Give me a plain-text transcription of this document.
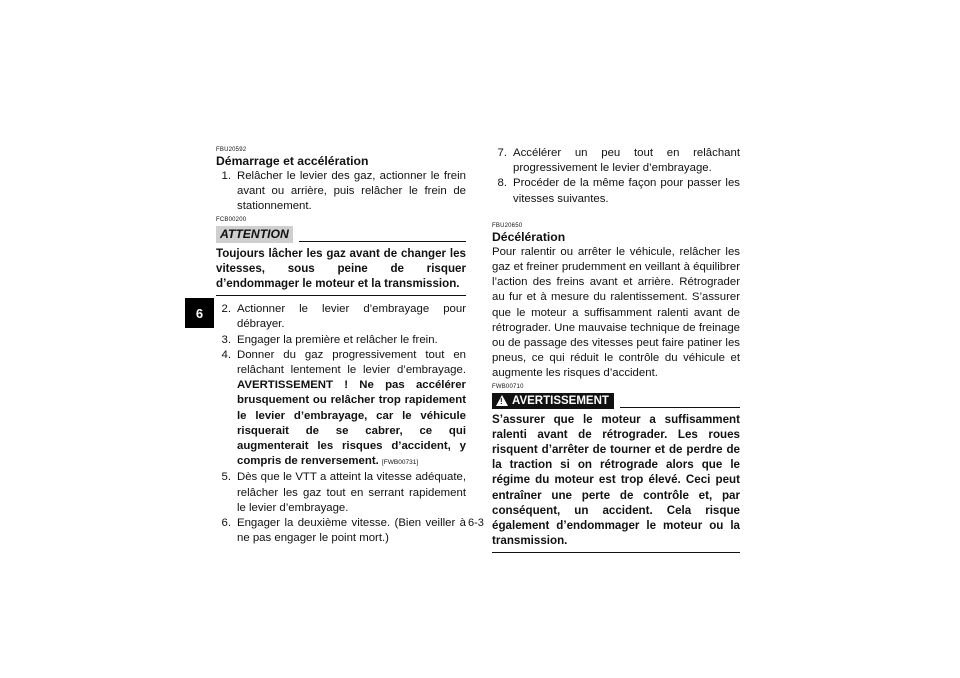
6
FBU20592
Démarrage et accélération
1. Relâcher le levier des gaz, actionner le frein avant ou arrière, puis relâcher le frein de stationnement.
FCB00200
ATTENTION
Toujours lâcher les gaz avant de changer les vitesses, sous peine de risquer d’endommager le moteur et la transmission.
2. Actionner le levier d’embrayage pour débrayer.
3. Engager la première et relâcher le frein.
4. Donner du gaz progressivement tout en relâchant lentement le levier d’embrayage. AVERTISSEMENT ! Ne pas accélérer brusquement ou relâcher trop rapidement le levier d’embrayage, car le véhicule risquerait de se cabrer, ce qui augmenterait les risques d’accident, y compris de renversement. [FWB00731]
5. Dès que le VTT a atteint la vitesse adéquate, relâcher les gaz tout en serrant rapidement le levier d’embrayage.
6. Engager la deuxième vitesse. (Bien veiller à ne pas engager le point mort.)
7. Accélérer un peu tout en relâchant progressivement le levier d’embrayage.
8. Procéder de la même façon pour passer les vitesses suivantes.
FBU20650
Décélération
Pour ralentir ou arrêter le véhicule, relâcher les gaz et freiner prudemment en veillant à équilibrer l’action des freins avant et arrière. Rétrograder au fur et à mesure du ralentissement. S’assurer que le moteur a suffisamment ralenti avant de rétrograder. Une mauvaise technique de freinage ou de passage des vitesses peut faire patiner les pneus, ce qui réduit le contrôle du véhicule et augmente les risques d’accident.
FWB00710
! AVERTISSEMENT
S’assurer que le moteur a suffisamment ralenti avant de rétrograder. Les roues risquent d’arrêter de tourner et de perdre de la traction si on rétrograde alors que le régime du moteur est trop élevé. Ceci peut entraîner une perte de contrôle et, par conséquent, un accident. Cela risque également d’endommager le moteur ou la transmission.
6-3
